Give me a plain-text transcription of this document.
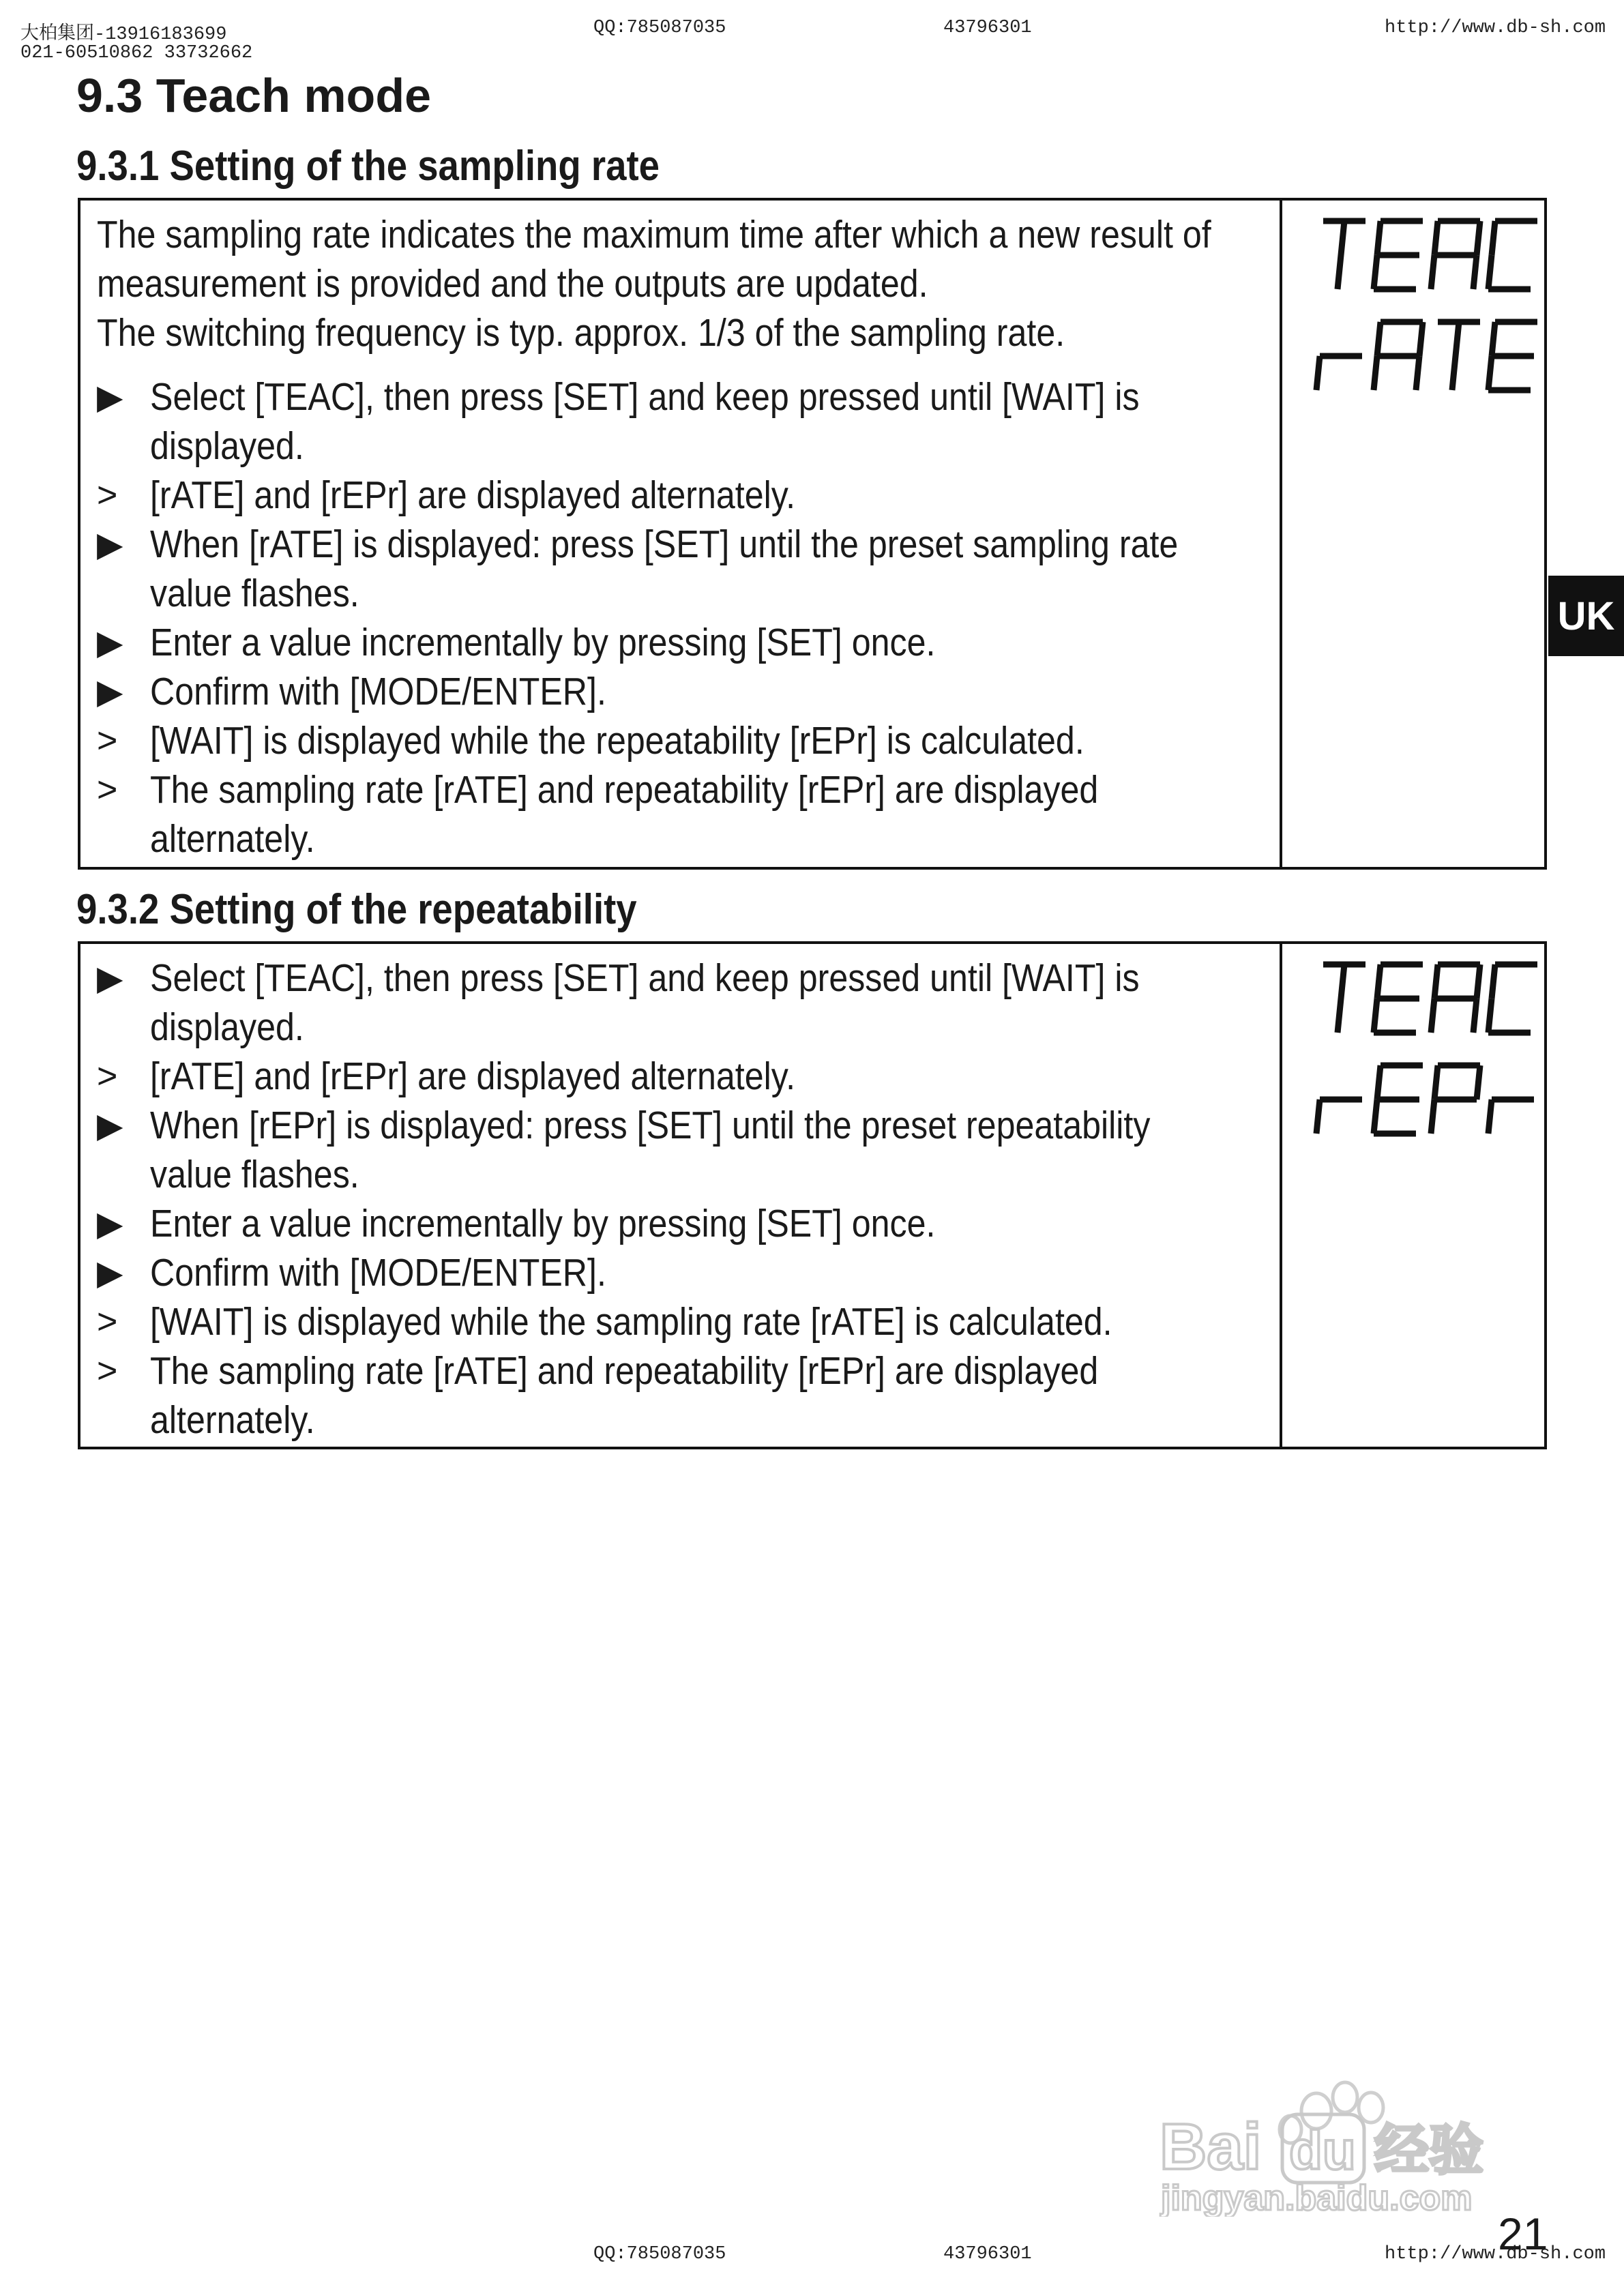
大柏集团-13916183699
021-60510862 33732662
QQ:785087035	43796301	http://www.db-sh.com
9.3 Teach mode
9.3.1 Setting of the sampling rate
The sampling rate indicates the maximum time after which a new result of
measurement is provided and the outputs are updated.
The switching frequency is typ. approx. 1/3 of the sampling rate.
▶ Select [TEAC], then press [SET] and keep pressed until [WAIT] is
displayed.
> [rATE] and [rEPr] are displayed alternately.
▶ When [rATE] is displayed: press [SET] until the preset sampling rate
value flashes.
▶ Enter a value incrementally by pressing [SET] once.
▶ Confirm with [MODE/ENTER].
> [WAIT] is displayed while the repeatability [rEPr] is calculated.
> The sampling rate [rATE] and repeatability [rEPr] are displayed
alternately.
9.3.2 Setting of the repeatability
▶ Select [TEAC], then press [SET] and keep pressed until [WAIT] is
displayed.
> [rATE] and [rEPr] are displayed alternately.
▶ When [rEPr] is displayed: press [SET] until the preset repeatability
value flashes.
▶ Enter a value incrementally by pressing [SET] once.
▶ Confirm with [MODE/ENTER].
> [WAIT] is displayed while the sampling rate [rATE] is calculated.
> The sampling rate [rATE] and repeatability [rEPr] are displayed
alternately.
UK
Bai du 经验
jingyan.baidu.com
QQ:785087035	43796301	http://www.db-sh.com
21
